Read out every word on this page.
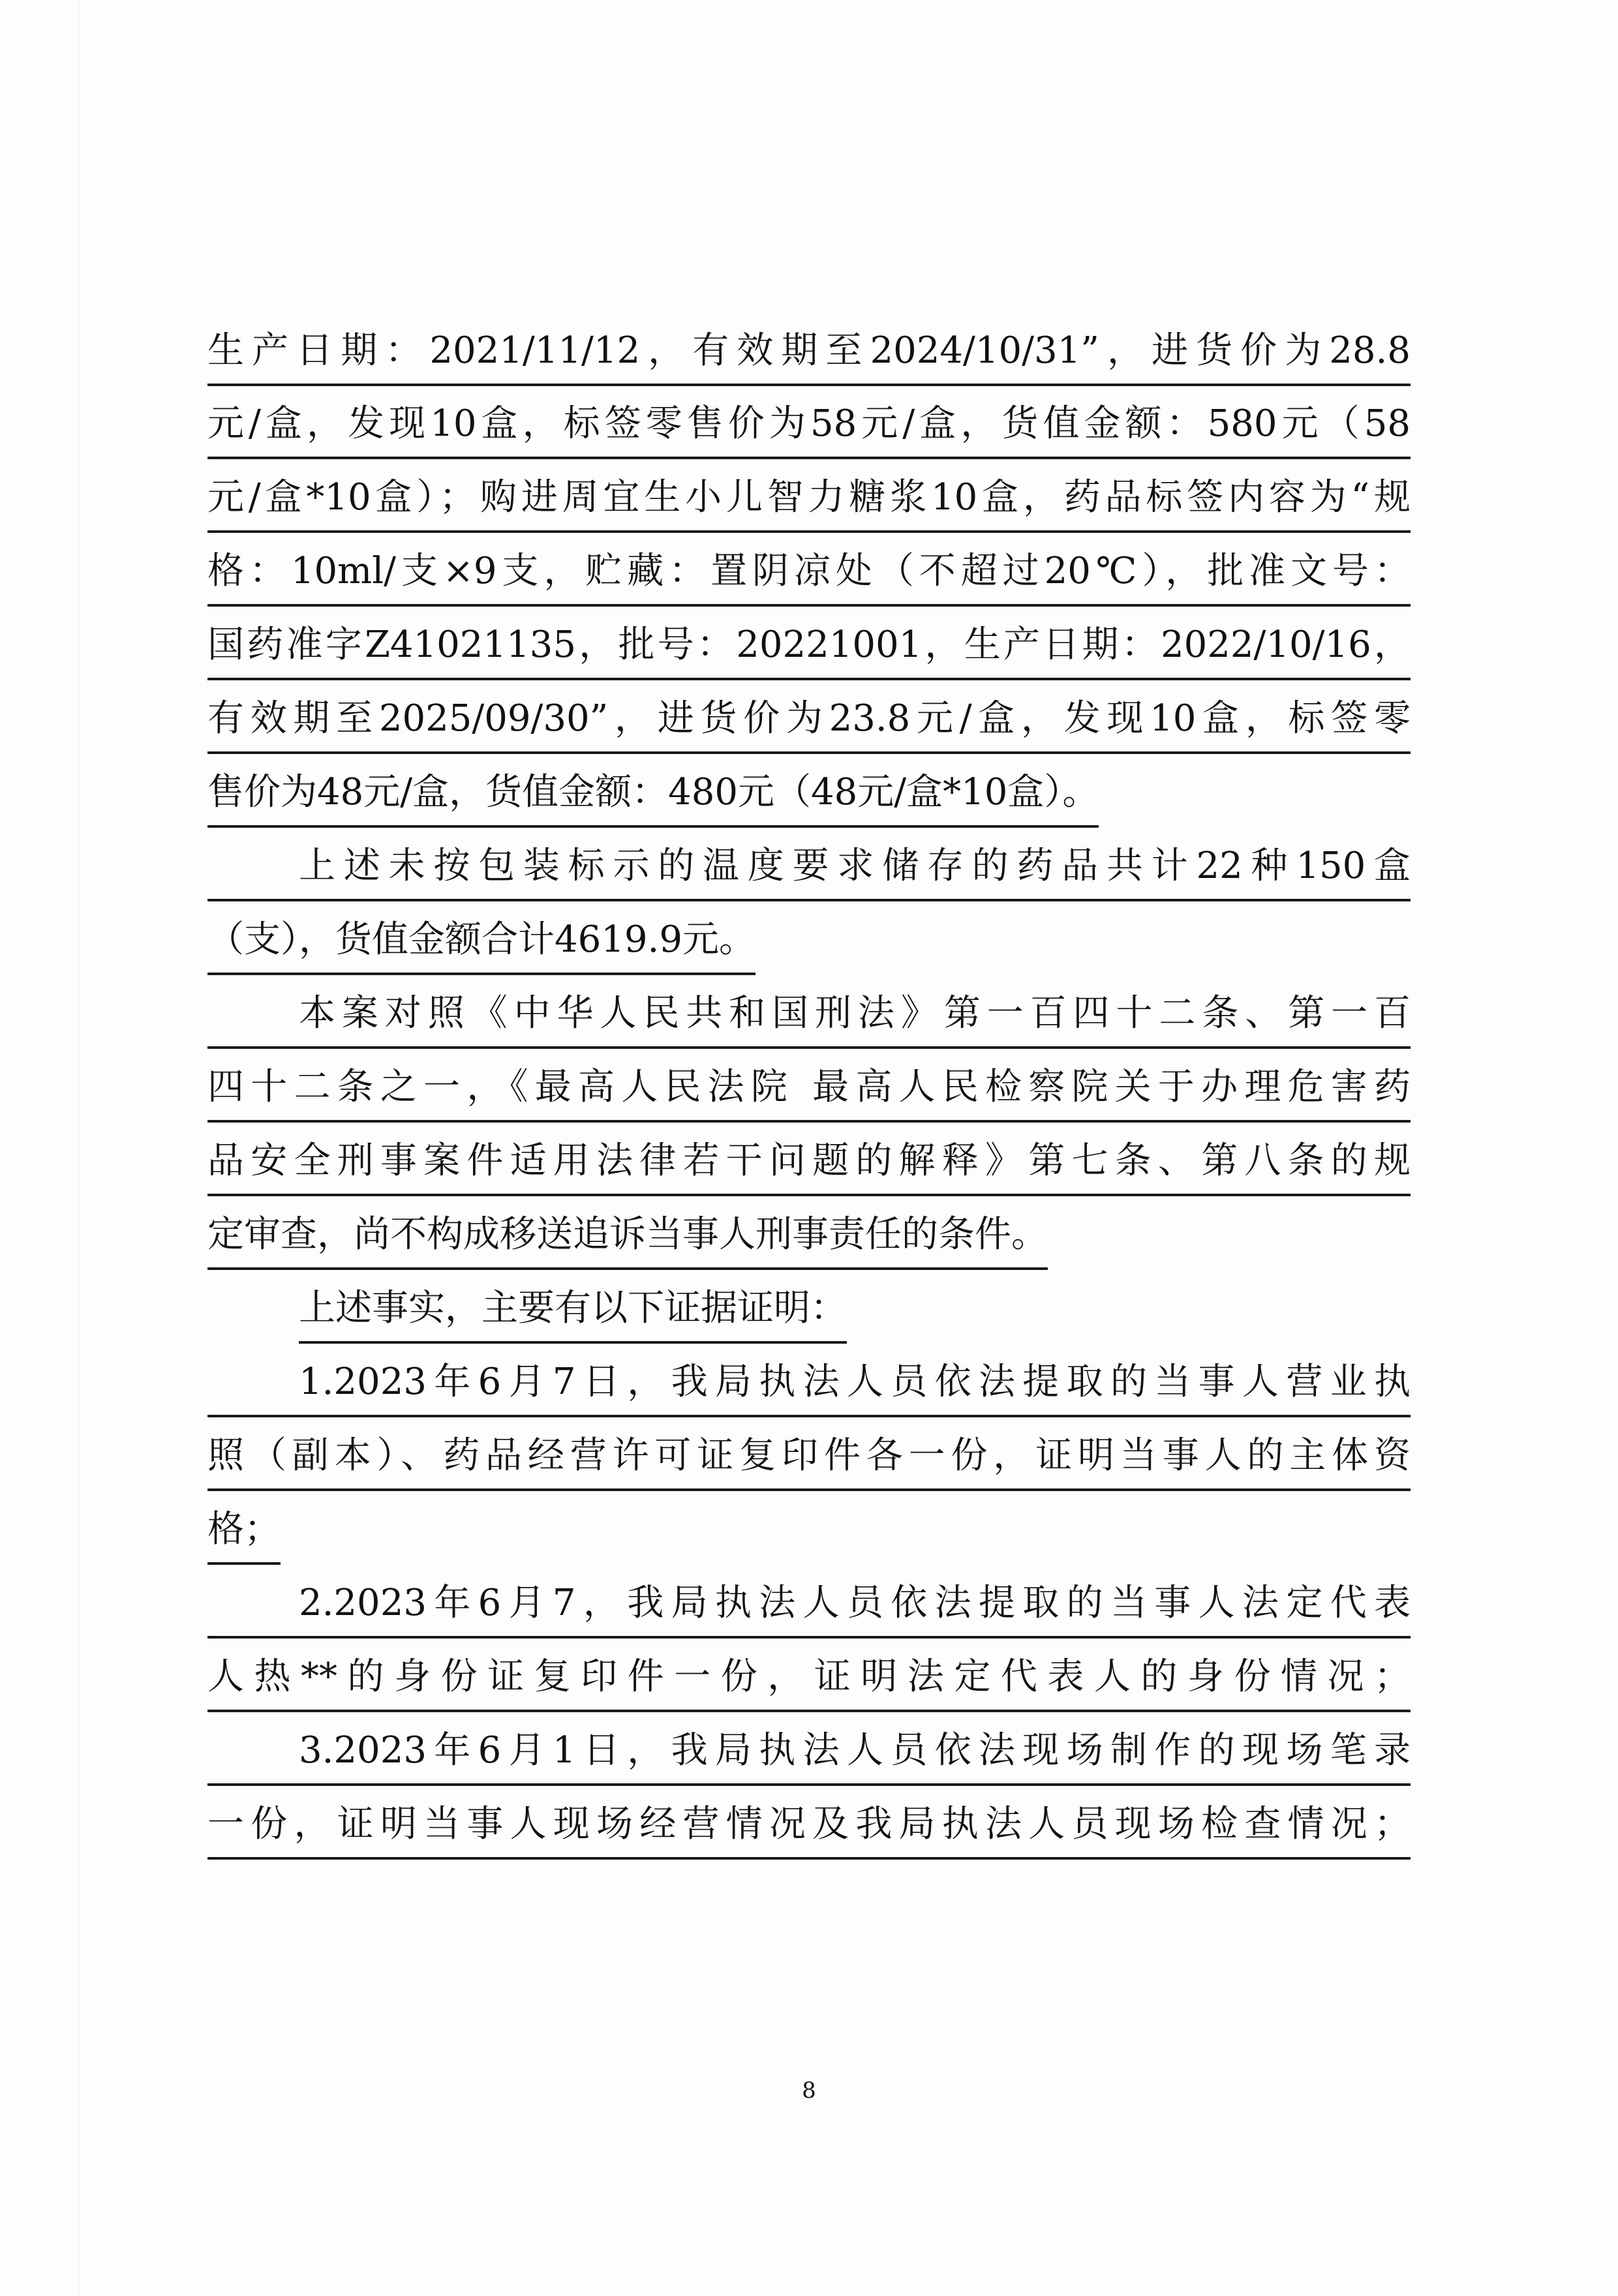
生产日期：2021/11/12，有效期至2024/10/31”，进货价为28.8
元/盒，发现10盒，标签零售价为58元/盒，货值金额：580元（58
元/盒*10盒）；购进周宜生小儿智力糖浆10盒，药品标签内容为“规
格：10ml/支×9支，贮藏：置阴凉处（不超过20℃），批准文号：
国药准字Z41021135，批号：20221001，生产日期：2022/10/16，
有效期至2025/09/30”，进货价为23.8元/盒，发现10盒，标签零
售价为48元/盒，货值金额：480元（48元/盒*10盒）。
上述未按包装标示的温度要求储存的药品共计22种150盒
（支），货值金额合计4619.9元。
本案对照《中华人民共和国刑法》第一百四十二条、第一百
四十二条之一，《最高人民法院 最高人民检察院关于办理危害药
品安全刑事案件适用法律若干问题的解释》第七条、第八条的规
定审查，尚不构成移送追诉当事人刑事责任的条件。
上述事实，主要有以下证据证明：
1.2023年6月7日，我局执法人员依法提取的当事人营业执
照（副本）、药品经营许可证复印件各一份，证明当事人的主体资
格；
2.2023年6月7，我局执法人员依法提取的当事人法定代表
人热**的身份证复印件一份，证明法定代表人的身份情况；
3.2023年6月1日，我局执法人员依法现场制作的现场笔录
一份，证明当事人现场经营情况及我局执法人员现场检查情况；
8
